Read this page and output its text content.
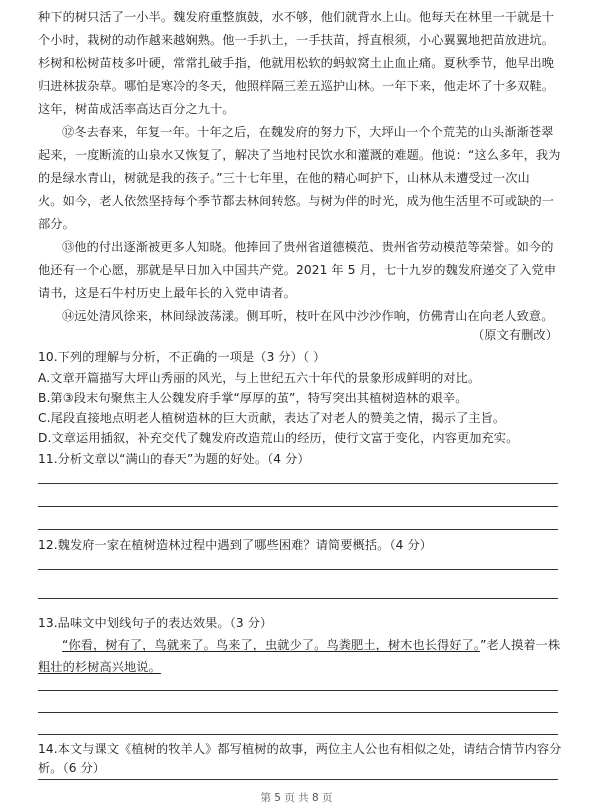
种下的树只活了一小半。魏发府重整旗鼓，水不够，他们就背水上山。他每天在林里一干就是十
个小时，栽树的动作越来越娴熟。他一手扒土，一手扶苗，捋直根须，小心翼翼地把苗放进坑。
杉树和松树苗枝多叶硬，常常扎破手指，他就用松软的蚂蚁窝土止血止痛。夏秋季节，他早出晚
归进林拔杂草。哪怕是寒冷的冬天，他照样隔三差五巡护山林。一年下来，他走坏了十多双鞋。
这年，树苗成活率高达百分之九十。
⑫冬去春来，年复一年。十年之后，在魏发府的努力下，大坪山一个个荒芜的山头渐渐苍翠
起来，一度断流的山泉水又恢复了，解决了当地村民饮水和灌溉的难题。他说：“这么多年，我为
的是绿水青山，树就是我的孩子。”三十七年里，在他的精心呵护下，山林从未遭受过一次山
火。如今，老人依然坚持每个季节都去林间转悠。与树为伴的时光，成为他生活里不可或缺的一
部分。
⑬他的付出逐渐被更多人知晓。他捧回了贵州省道德模范、贵州省劳动模范等荣誉。如今的
他还有一个心愿，那就是早日加入中国共产党。2021 年 5 月，七十九岁的魏发府递交了入党申
请书，这是石牛村历史上最年长的入党申请者。
⑭远处清风徐来，林间绿波荡漾。侧耳听，枝叶在风中沙沙作响，仿佛青山在向老人致意。
（原文有删改）
10.下列的理解与分析，不正确的一项是（3 分）（ ）
A.文章开篇描写大坪山秀丽的风光，与上世纪五六十年代的景象形成鲜明的对比。
B.第③段末句聚焦主人公魏发府手掌“厚厚的茧”，特写突出其植树造林的艰辛。
C.尾段直接地点明老人植树造林的巨大贡献，表达了对老人的赞美之情，揭示了主旨。
D.文章运用插叙，补充交代了魏发府改造荒山的经历，使行文富于变化，内容更加充实。
11.分析文章以“满山的春天”为题的好处。（4 分）
12.魏发府一家在植树造林过程中遇到了哪些困难？请简要概括。（4 分）
13.品味文中划线句子的表达效果。（3 分）
“你看，树有了，鸟就来了。鸟来了，虫就少了。鸟粪肥土，树木也长得好了。”老人摸着一株
粗壮的杉树高兴地说。
14.本文与课文《植树的牧羊人》都写植树的故事，两位主人公也有相似之处，请结合情节内容分
析。（6 分）
第 5 页 共 8 页
